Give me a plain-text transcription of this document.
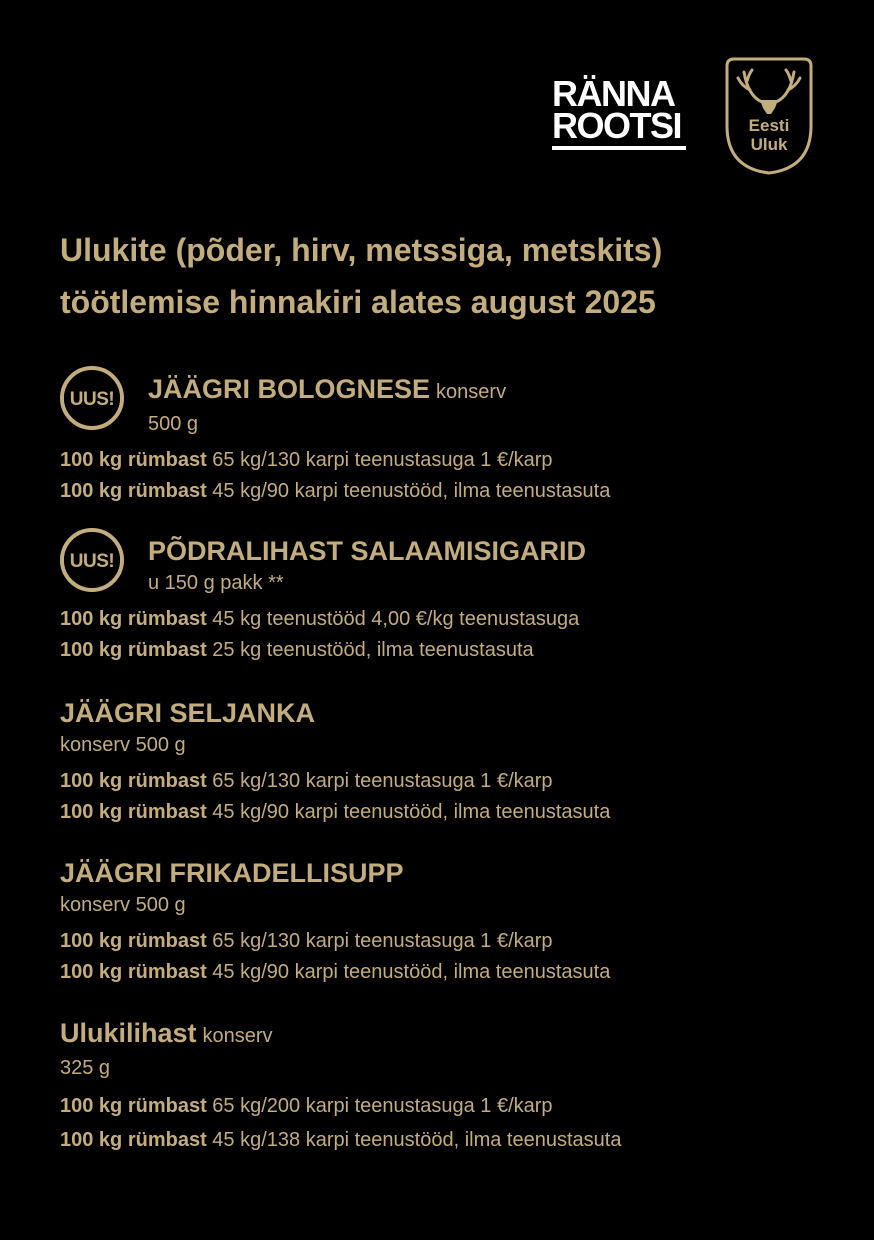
RÄNNA
ROOTSI	Eesti
Uluk
Ulukite (põder, hirv, metssiga, metskits)
töötlemise hinnakiri alates august 2025
UUS! JÄÄGRI BOLOGNESE konserv
500 g
100 kg rümbast 65 kg/130 karpi teenustasuga 1 €/karp
100 kg rümbast 45 kg/90 karpi teenustööd, ilma teenustasuta
UUS! PÕDRALIHAST SALAAMISIGARID
u 150 g pakk **
100 kg rümbast 45 kg teenustööd 4,00 €/kg teenustasuga
100 kg rümbast 25 kg teenustööd, ilma teenustasuta
JÄÄGRI SELJANKA
konserv 500 g
100 kg rümbast 65 kg/130 karpi teenustasuga 1 €/karp
100 kg rümbast 45 kg/90 karpi teenustööd, ilma teenustasuta
JÄÄGRI FRIKADELLISUPP
konserv 500 g
100 kg rümbast 65 kg/130 karpi teenustasuga 1 €/karp
100 kg rümbast 45 kg/90 karpi teenustööd, ilma teenustasuta
Ulukilihast konserv
325 g
100 kg rümbast 65 kg/200 karpi teenustasuga 1 €/karp
100 kg rümbast 45 kg/138 karpi teenustööd, ilma teenustasuta
